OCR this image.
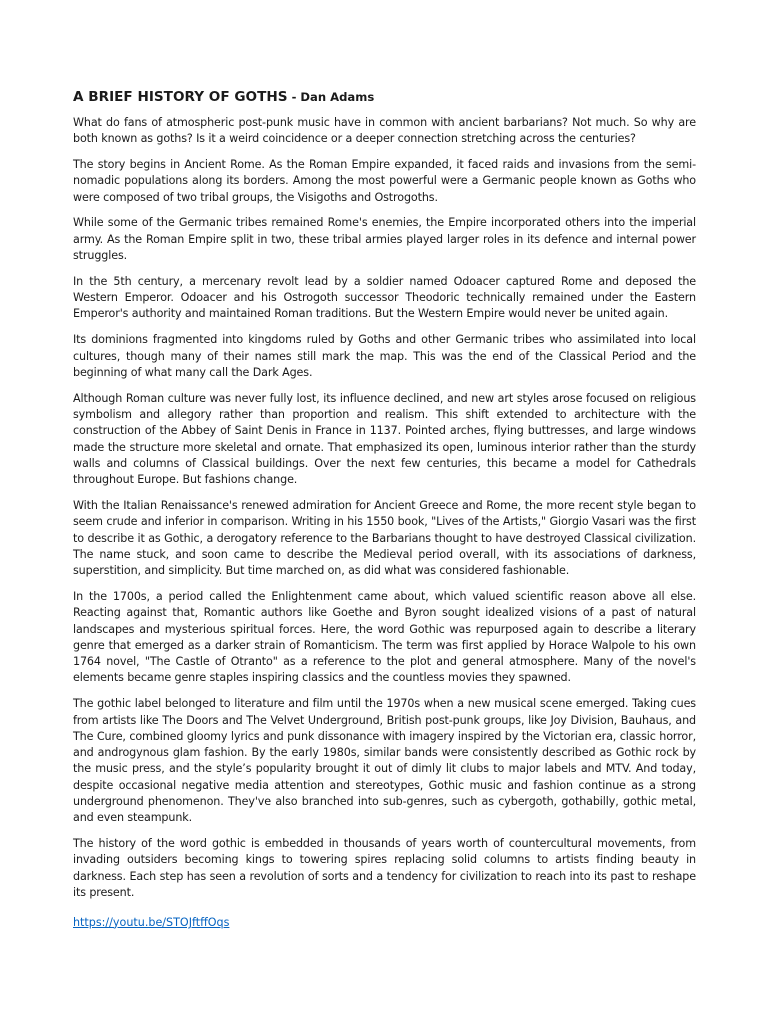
A BRIEF HISTORY OF GOTHS - Dan Adams

What do fans of atmospheric post-punk music have in common with ancient barbarians? Not much. So why are both known as goths? Is it a weird coincidence or a deeper connection stretching across the centuries?

The story begins in Ancient Rome. As the Roman Empire expanded, it faced raids and invasions from the semi-nomadic populations along its borders. Among the most powerful were a Germanic people known as Goths who were composed of two tribal groups, the Visigoths and Ostrogoths.

While some of the Germanic tribes remained Rome's enemies, the Empire incorporated others into the imperial army. As the Roman Empire split in two, these tribal armies played larger roles in its defence and internal power struggles.

In the 5th century, a mercenary revolt lead by a soldier named Odoacer captured Rome and deposed the Western Emperor. Odoacer and his Ostrogoth successor Theodoric technically remained under the Eastern Emperor's authority and maintained Roman traditions. But the Western Empire would never be united again.

Its dominions fragmented into kingdoms ruled by Goths and other Germanic tribes who assimilated into local cultures, though many of their names still mark the map. This was the end of the Classical Period and the beginning of what many call the Dark Ages.

Although Roman culture was never fully lost, its influence declined, and new art styles arose focused on religious symbolism and allegory rather than proportion and realism. This shift extended to architecture with the construction of the Abbey of Saint Denis in France in 1137. Pointed arches, flying buttresses, and large windows made the structure more skeletal and ornate. That emphasized its open, luminous interior rather than the sturdy walls and columns of Classical buildings. Over the next few centuries, this became a model for Cathedrals throughout Europe. But fashions change.

With the Italian Renaissance's renewed admiration for Ancient Greece and Rome, the more recent style began to seem crude and inferior in comparison. Writing in his 1550 book, "Lives of the Artists," Giorgio Vasari was the first to describe it as Gothic, a derogatory reference to the Barbarians thought to have destroyed Classical civilization. The name stuck, and soon came to describe the Medieval period overall, with its associations of darkness, superstition, and simplicity. But time marched on, as did what was considered fashionable.

In the 1700s, a period called the Enlightenment came about, which valued scientific reason above all else. Reacting against that, Romantic authors like Goethe and Byron sought idealized visions of a past of natural landscapes and mysterious spiritual forces. Here, the word Gothic was repurposed again to describe a literary genre that emerged as a darker strain of Romanticism. The term was first applied by Horace Walpole to his own 1764 novel, "The Castle of Otranto" as a reference to the plot and general atmosphere. Many of the novel's elements became genre staples inspiring classics and the countless movies they spawned.

The gothic label belonged to literature and film until the 1970s when a new musical scene emerged. Taking cues from artists like The Doors and The Velvet Underground, British post-punk groups, like Joy Division, Bauhaus, and The Cure, combined gloomy lyrics and punk dissonance with imagery inspired by the Victorian era, classic horror, and androgynous glam fashion. By the early 1980s, similar bands were consistently described as Gothic rock by the music press, and the style’s popularity brought it out of dimly lit clubs to major labels and MTV. And today, despite occasional negative media attention and stereotypes, Gothic music and fashion continue as a strong underground phenomenon. They've also branched into sub-genres, such as cybergoth, gothabilly, gothic metal, and even steampunk.

The history of the word gothic is embedded in thousands of years worth of countercultural movements, from invading outsiders becoming kings to towering spires replacing solid columns to artists finding beauty in darkness. Each step has seen a revolution of sorts and a tendency for civilization to reach into its past to reshape its present.

https://youtu.be/STOJftffOqs
